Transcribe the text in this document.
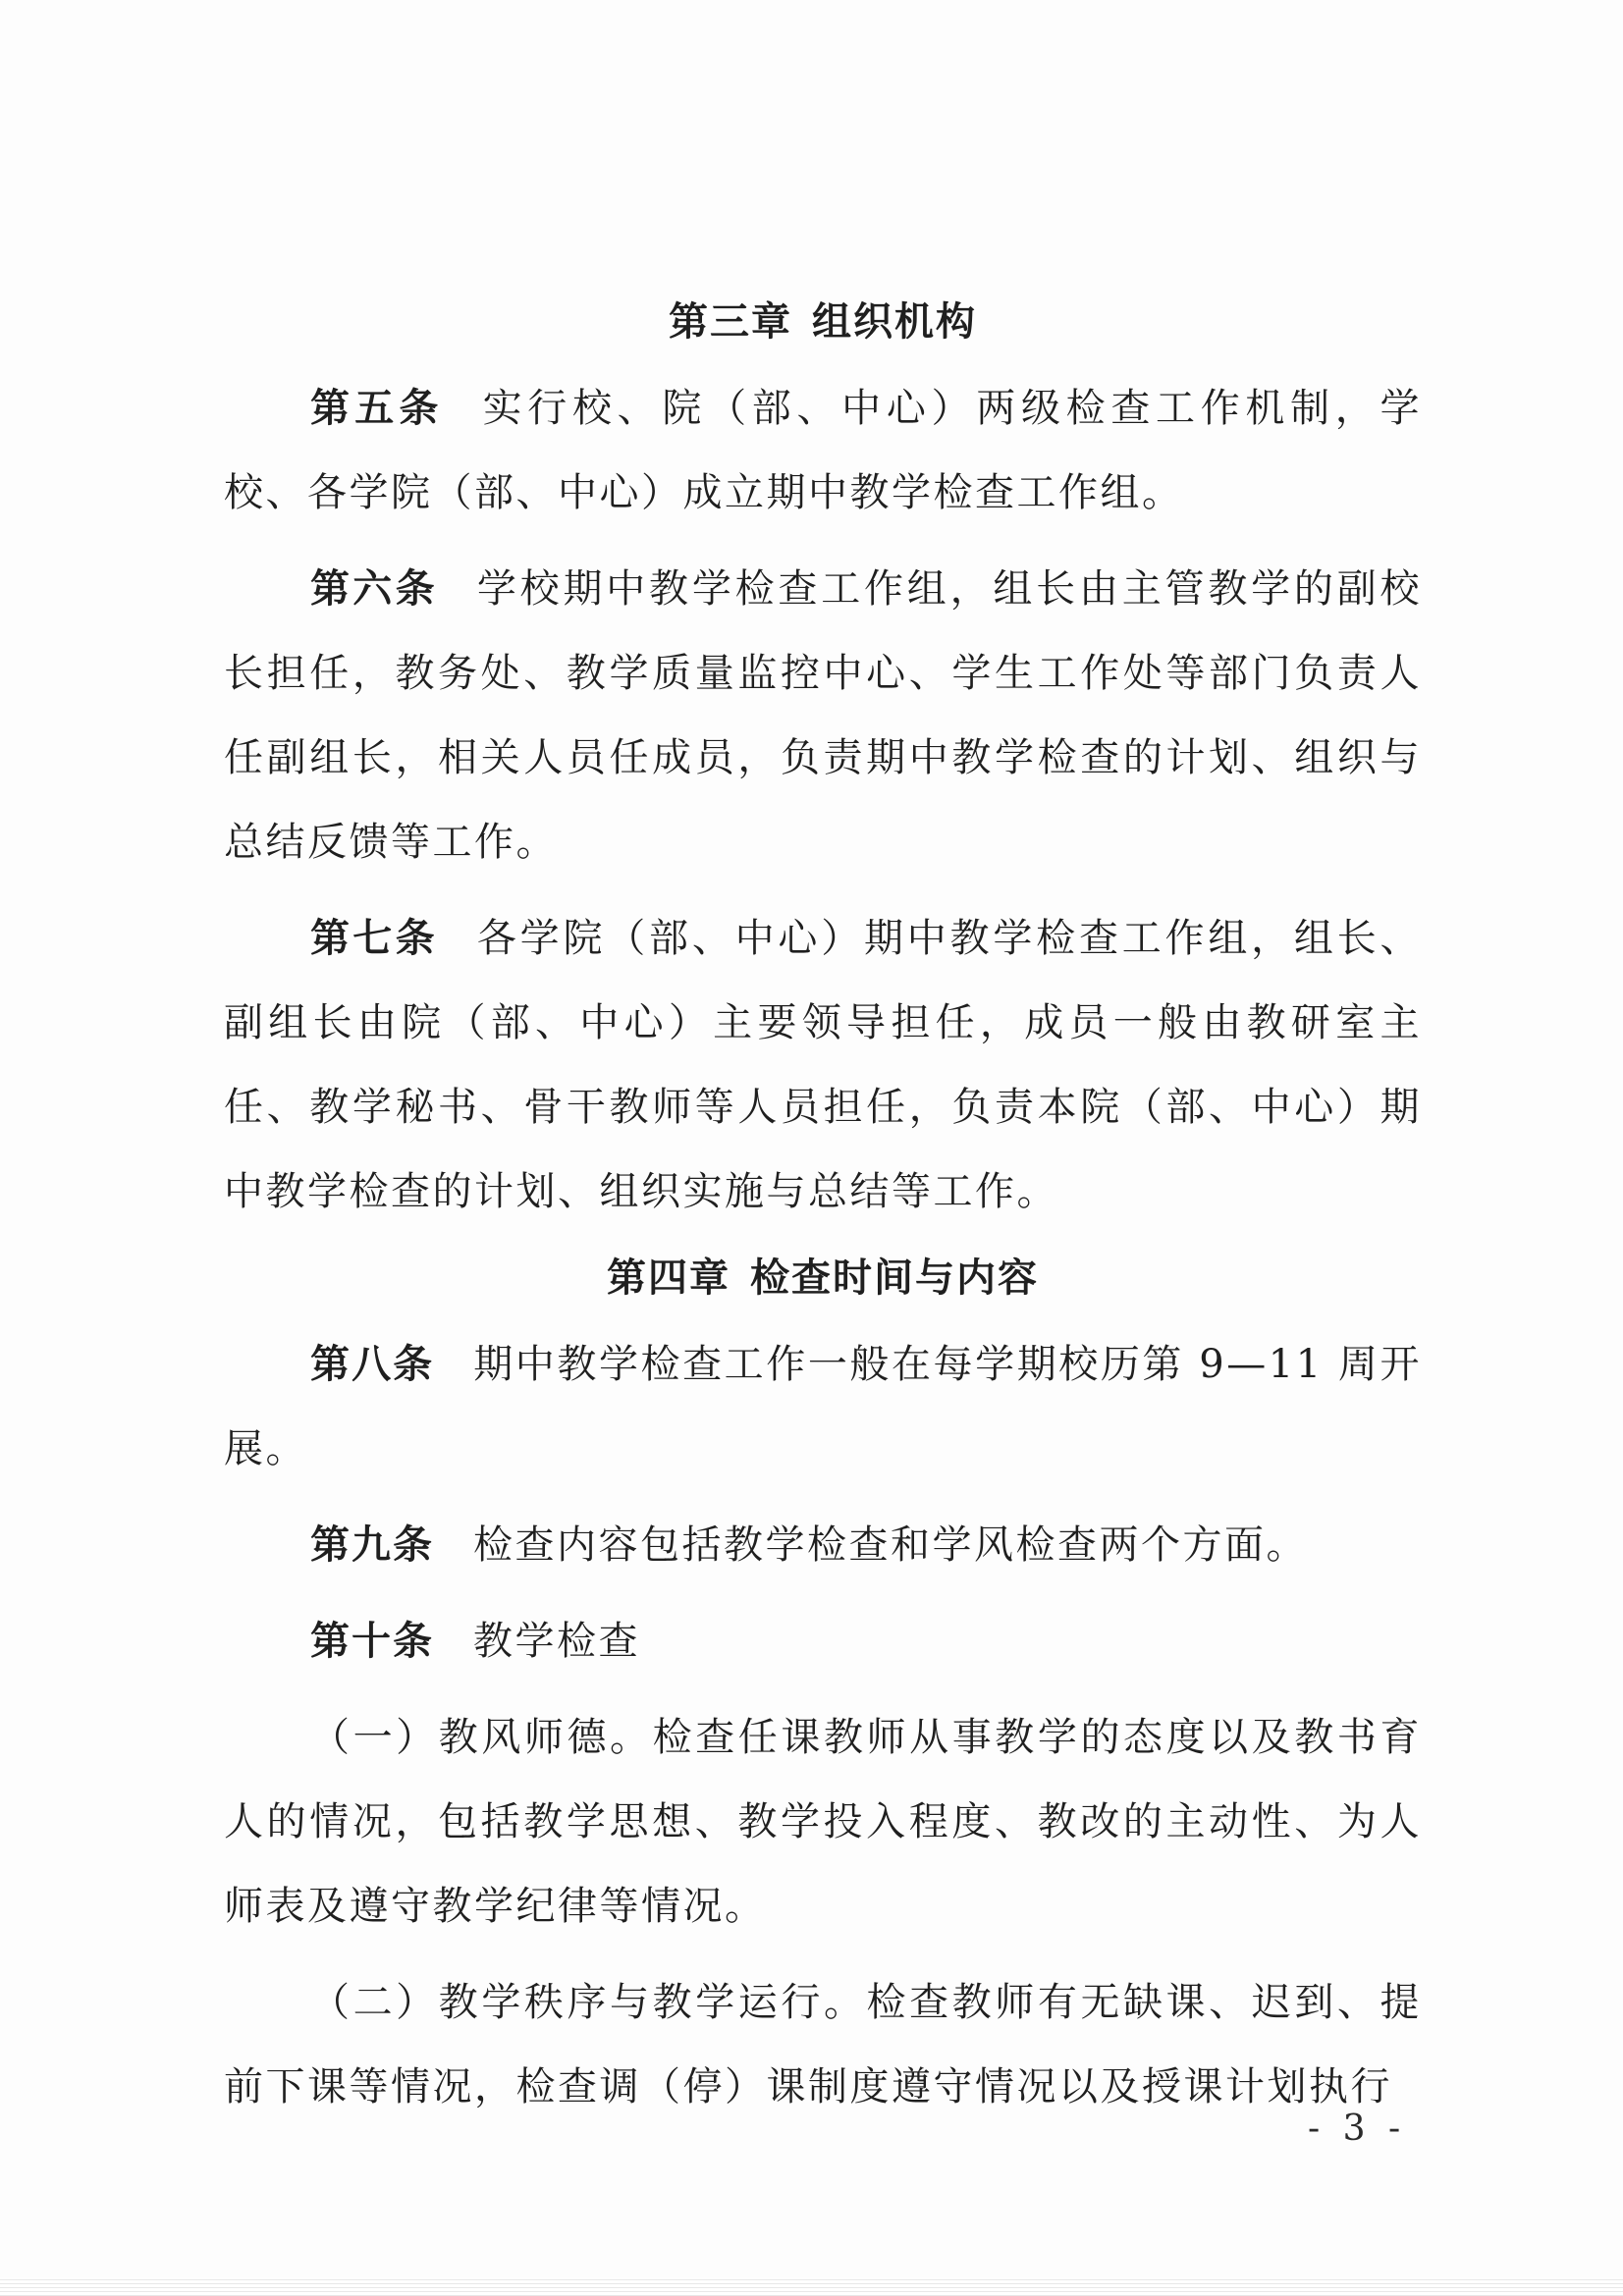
第三章 组织机构

第五条 实行校、院（部、中心）两级检查工作机制，学校、各学院（部、中心）成立期中教学检查工作组。

第六条 学校期中教学检查工作组，组长由主管教学的副校长担任，教务处、教学质量监控中心、学生工作处等部门负责人任副组长，相关人员任成员，负责期中教学检查的计划、组织与总结反馈等工作。

第七条 各学院（部、中心）期中教学检查工作组，组长、副组长由院（部、中心）主要领导担任，成员一般由教研室主任、教学秘书、骨干教师等人员担任，负责本院（部、中心）期中教学检查的计划、组织实施与总结等工作。

第四章 检查时间与内容

第八条 期中教学检查工作一般在每学期校历第 9—11 周开展。

第九条 检查内容包括教学检查和学风检查两个方面。

第十条 教学检查

（一）教风师德。检查任课教师从事教学的态度以及教书育人的情况，包括教学思想、教学投入程度、教改的主动性、为人师表及遵守教学纪律等情况。

（二）教学秩序与教学运行。检查教师有无缺课、迟到、提前下课等情况，检查调（停）课制度遵守情况以及授课计划执行

- 3 -
